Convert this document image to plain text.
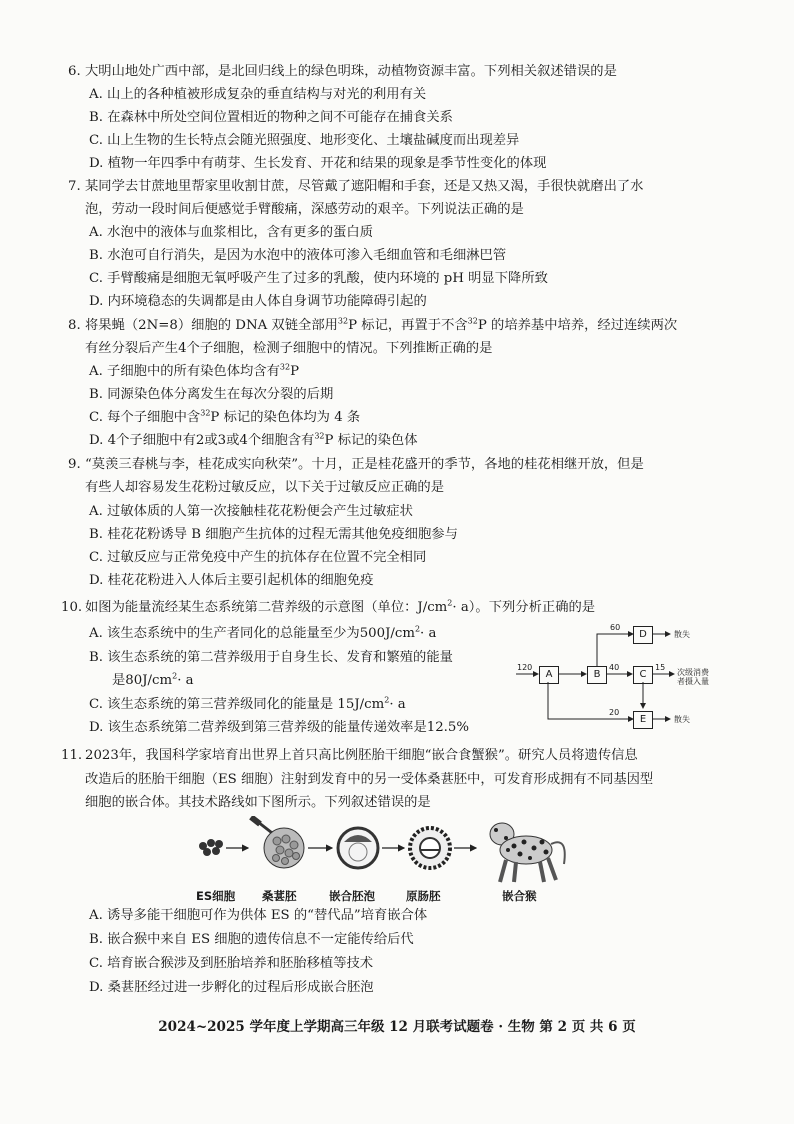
6. 大明山地处广西中部，是北回归线上的绿色明珠，动植物资源丰富。下列相关叙述错误的是
A. 山上的各种植被形成复杂的垂直结构与对光的利用有关
B. 在森林中所处空间位置相近的物种之间不可能存在捕食关系
C. 山上生物的生长特点会随光照强度、地形变化、土壤盐碱度而出现差异
D. 植物一年四季中有萌芽、生长发育、开花和结果的现象是季节性变化的体现
7. 某同学去甘蔗地里帮家里收割甘蔗，尽管戴了遮阳帽和手套，还是又热又渴，手很快就磨出了水
泡，劳动一段时间后便感觉手臂酸痛，深感劳动的艰辛。下列说法正确的是
A. 水泡中的液体与血浆相比，含有更多的蛋白质
B. 水泡可自行消失，是因为水泡中的液体可渗入毛细血管和毛细淋巴管
C. 手臂酸痛是细胞无氧呼吸产生了过多的乳酸，使内环境的 pH 明显下降所致
D. 内环境稳态的失调都是由人体自身调节功能障碍引起的
8. 将果蝇（2N=8）细胞的 DNA 双链全部用$^{32}$P 标记，再置于不含$^{32}$P 的培养基中培养，经过连续两次
有丝分裂后产生4个子细胞，检测子细胞中的情况。下列推断正确的是
A. 子细胞中的所有染色体均含有$^{32}$P
B. 同源染色体分离发生在每次分裂的后期
C. 每个子细胞中含$^{32}$P 标记的染色体均为 4 条
D. 4个子细胞中有2或3或4个细胞含有$^{32}$P 标记的染色体
9. “莫羡三春桃与李，桂花成实向秋荣”。十月，正是桂花盛开的季节，各地的桂花相继开放，但是
有些人却容易发生花粉过敏反应，以下关于过敏反应正确的是
A. 过敏体质的人第一次接触桂花花粉便会产生过敏症状
B. 桂花花粉诱导 B 细胞产生抗体的过程无需其他免疫细胞参与
C. 过敏反应与正常免疫中产生的抗体存在位置不完全相同
D. 桂花花粉进入人体后主要引起机体的细胞免疫
10. 如图为能量流经某生态系统第二营养级的示意图（单位：$J/cm^2\cdot a$）。下列分析正确的是
A. 该生态系统中的生产者同化的总能量至少为$500J/cm^2\cdot a$
B. 该生态系统的第二营养级用于自身生长、发育和繁殖的能量
是$80J/cm^2\cdot a$
C. 该生态系统的第三营养级同化的能量是 $15J/cm^2\cdot a$
D. 该生态系统第二营养级到第三营养级的能量传递效率是12.5%
A	B	C
D
E
120
60
40	15
20
散失
次级消费
者摄入量
散失
11. 2023年，我国科学家培育出世界上首只高比例胚胎干细胞“嵌合食蟹猴”。研究人员将遗传信息
改造后的胚胎干细胞（ES 细胞）注射到发育中的另一受体桑葚胚中，可发育形成拥有不同基因型
细胞的嵌合体。其技术路线如下图所示。下列叙述错误的是
ES细胞 桑葚胚	嵌合胚泡	原肠胚	嵌合猴
A. 诱导多能干细胞可作为供体 ES 的“替代品”培育嵌合体
B. 嵌合猴中来自 ES 细胞的遗传信息不一定能传给后代
C. 培育嵌合猴涉及到胚胎培养和胚胎移植等技术
D. 桑葚胚经过进一步孵化的过程后形成嵌合胚泡
2024~2025 学年度上学期高三年级 12 月联考试题卷 · 生物 第 2 页 共 6 页
